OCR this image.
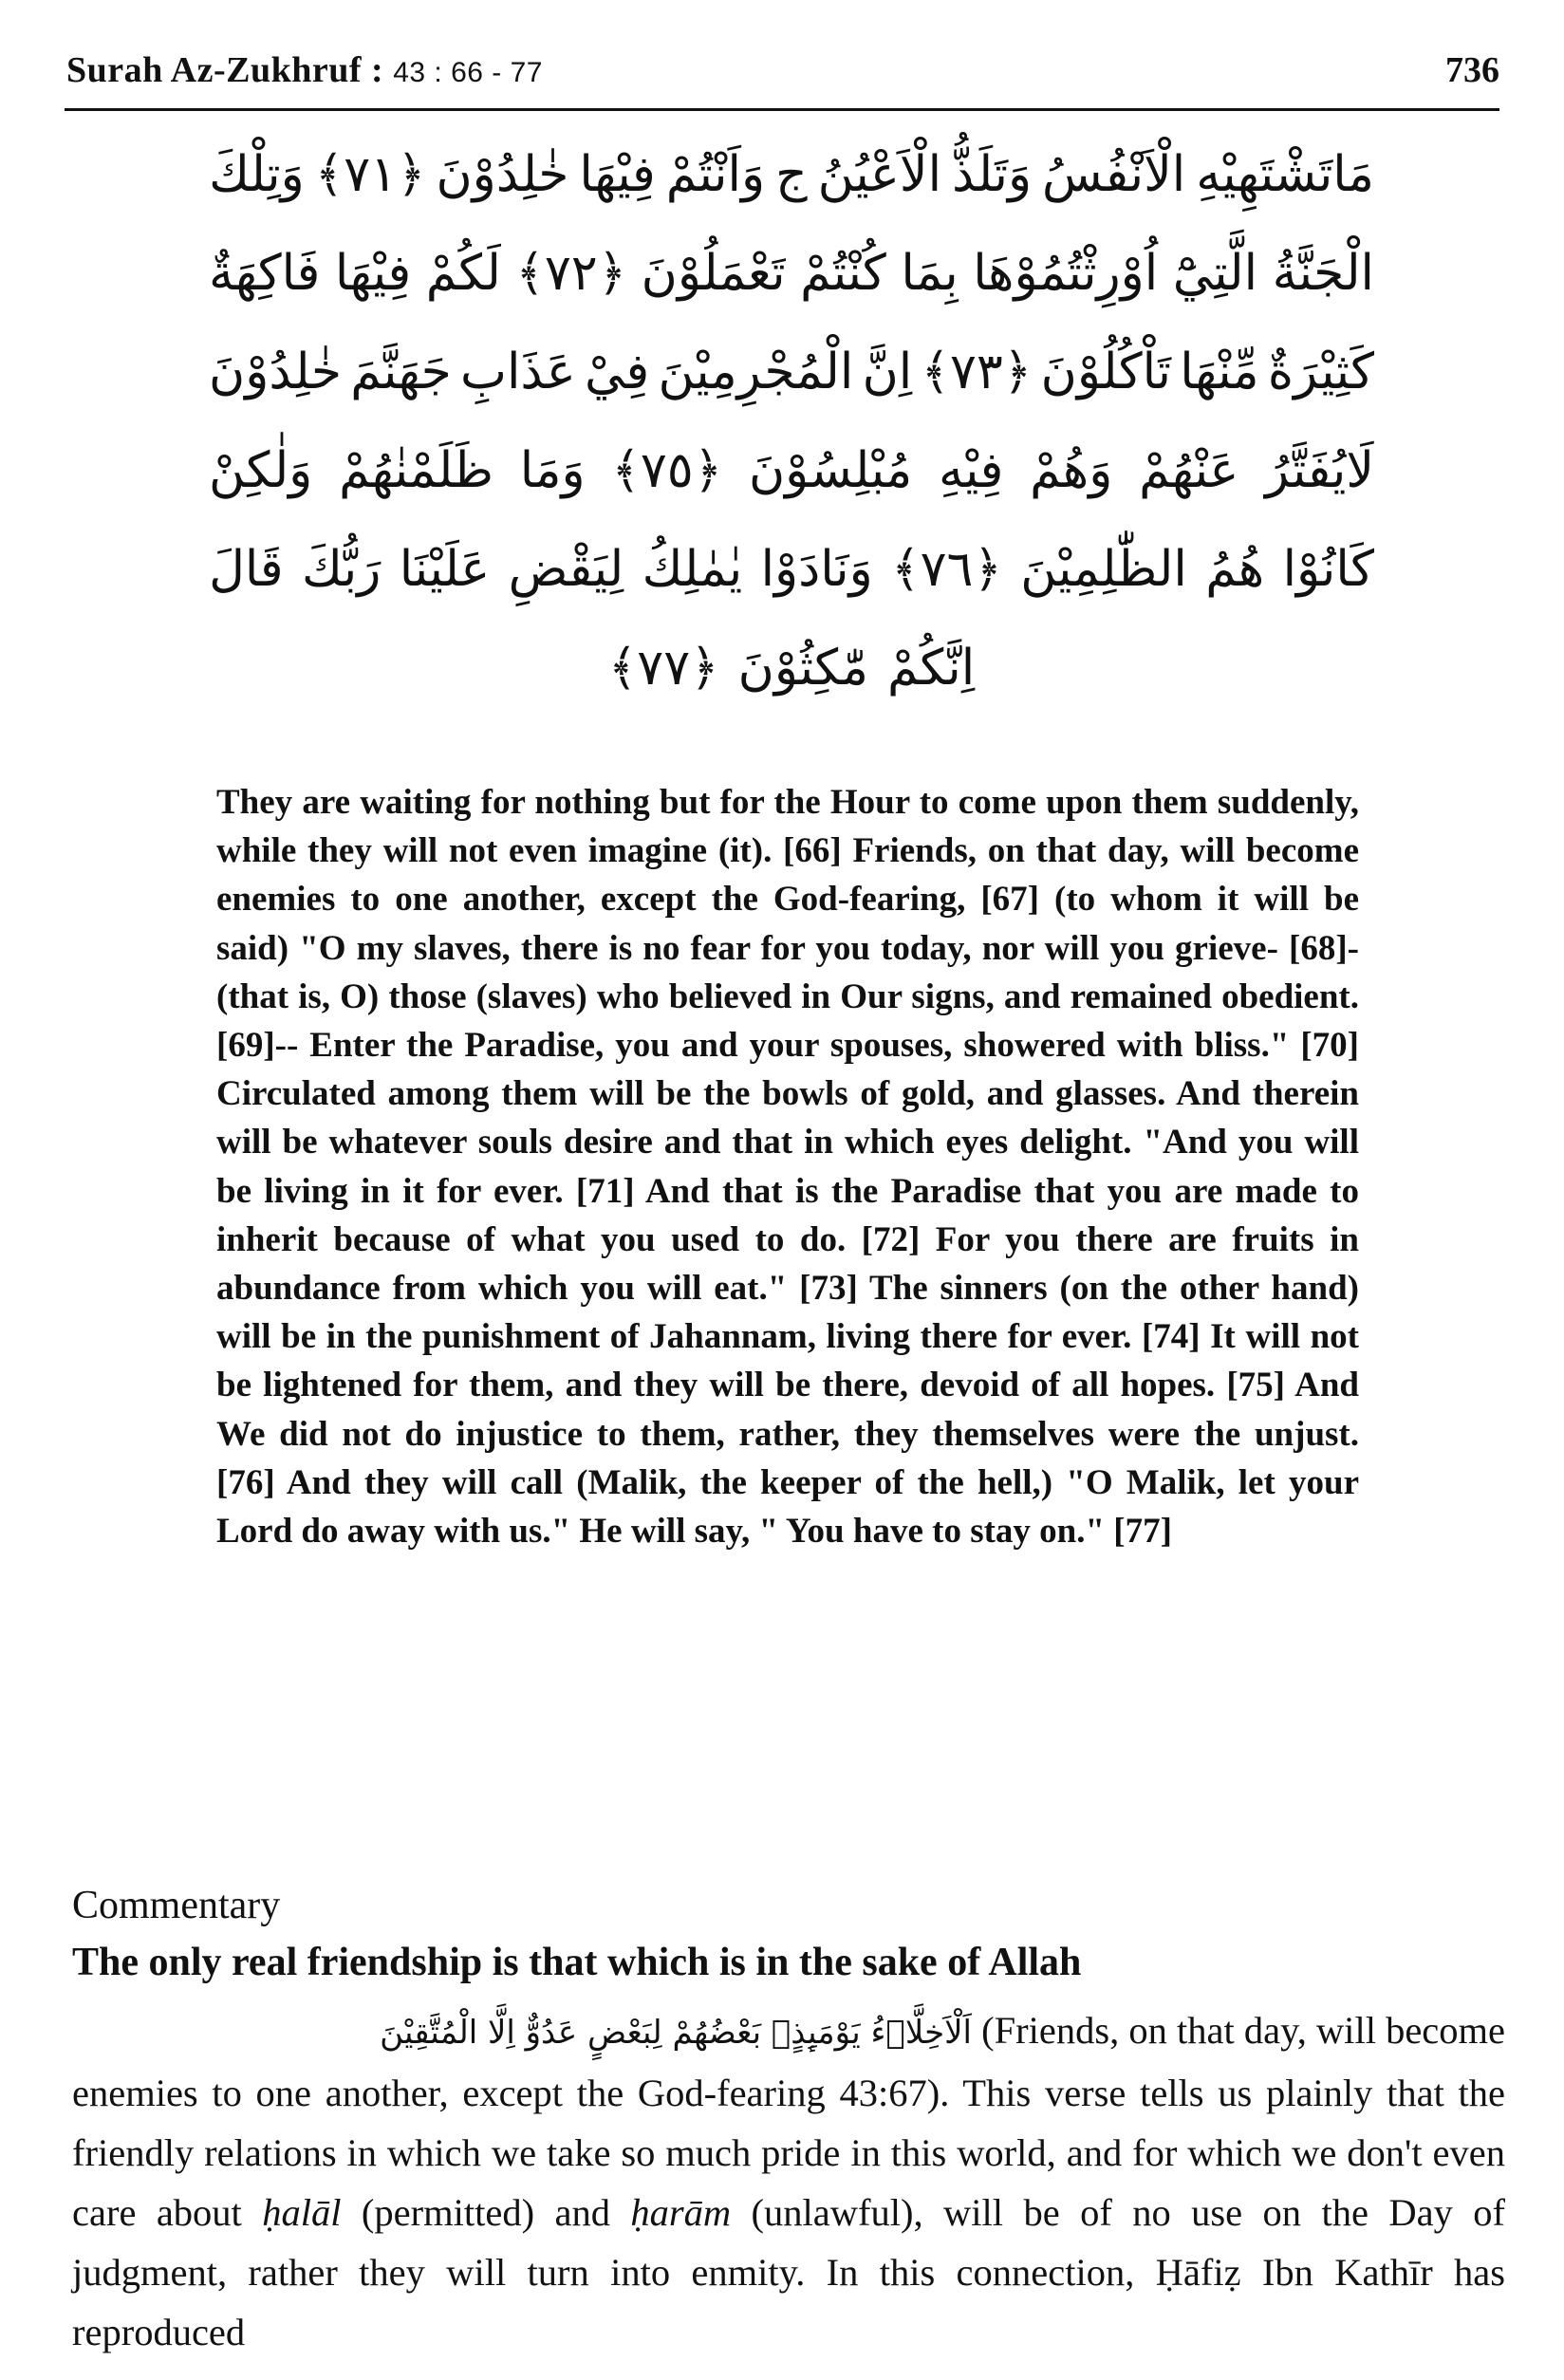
Surah Az-Zukhruf : 43 : 66 - 77	736
مَاتَشْتَهِيْهِ
الْاَنْفُسُ
وَتَلَذُّ
الْاَعْيُنُ
ج
وَاَنْتُمْ
فِيْهَا
خٰلِدُوْنَ
﴿٧١﴾
وَتِلْكَ
الْجَنَّةُ
الَّتِيْٓ
اُوْرِثْتُمُوْهَا
بِمَا
كُنْتُمْ
تَعْمَلُوْنَ
﴿٧٢﴾
لَكُمْ
فِيْهَا
فَاكِهَةٌ
كَثِيْرَةٌ
مِّنْهَا
تَاْكُلُوْنَ
﴿٧٣﴾
اِنَّ
الْمُجْرِمِيْنَ
فِيْ
عَذَابِ
جَهَنَّمَ
خٰلِدُوْنَ
لَايُفَتَّرُ
عَنْهُمْ
وَهُمْ
فِيْهِ
مُبْلِسُوْنَ
﴿٧٥﴾
وَمَا
ظَلَمْنٰهُمْ
وَلٰكِنْ
كَانُوْا
هُمُ
الظّٰلِمِيْنَ
﴿٧٦﴾
وَنَادَوْا
يٰمٰلِكُ
لِيَقْضِ
عَلَيْنَا
رَبُّكَ
قَالَ
اِنَّكُمْ
مّٰكِثُوْنَ
﴿٧٧﴾
They are waiting for nothing but for the Hour to come upon them suddenly, while they will not even imagine (it). [66] Friends, on that day, will become enemies to one another, except the God-fearing, [67] (to whom it will be said) "O my slaves, there is no fear for you today, nor will you grieve- [68]-(that is, O) those (slaves) who believed in Our signs, and remained obedient. [69]-- Enter the Paradise, you and your spouses, showered with bliss." [70] Circulated among them will be the bowls of gold, and glasses. And therein will be whatever souls desire and that in which eyes delight. "And you will be living in it for ever. [71] And that is the Paradise that you are made to inherit because of what you used to do. [72] For you there are fruits in abundance from which you will eat." [73] The sinners (on the other hand) will be in the punishment of Jahannam, living there for ever. [74] It will not be lightened for them, and they will be there, devoid of all hopes. [75] And We did not do injustice to them, rather, they themselves were the unjust. [76] And they will call (Malik, the keeper of the hell,) "O Malik, let your Lord do away with us." He will say, " You have to stay on." [77]
Commentary
The only real friendship is that which is in the sake of Allah
اَلْاَخِلَّاۗءُ يَوْمَىِٕذٍۢ بَعْضُهُمْ لِبَعْضٍ عَدُوٌّ اِلَّا الْمُتَّقِيْنَ (Friends, on that day, will become
enemies to one another, except the God-fearing 43:67). This verse tells us plainly that the friendly relations in which we take so much pride in this world, and for which we don't even care about ḥalāl (permitted) and ḥarām (unlawful), will be of no use on the Day of judgment, rather they will turn into enmity. In this connection, Ḥāfiẓ Ibn Kathīr has reproduced
